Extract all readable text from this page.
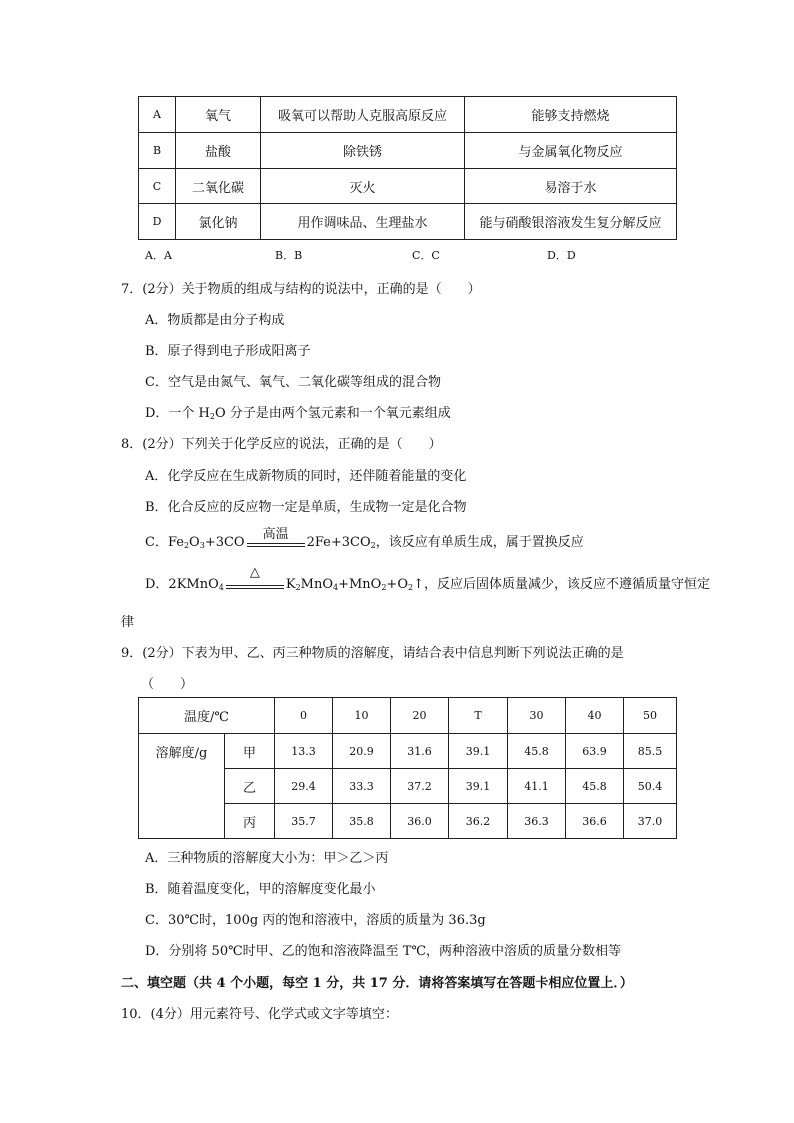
A	氧气	吸氧可以帮助人克服高原反应	能够支持燃烧
B	盐酸	除铁锈	与金属氧化物反应
C	二氧化碳	灭火	易溶于水
D	氯化钠	用作调味品、生理盐水	能与硝酸银溶液发生复分解反应
A．A	B．B	C．C	D．D
7．(2分）关于物质的组成与结构的说法中，正确的是（　　）
A．物质都是由分子构成
B．原子得到电子形成阳离子
C．空气是由氮气、氧气、二氧化碳等组成的混合物
D．一个 $H_2O$ 分子是由两个氢元素和一个氧元素组成
8．(2分）下列关于化学反应的说法，正确的是（　　）
A．化学反应在生成新物质的同时，还伴随着能量的变化
B．化合反应的反应物一定是单质，生成物一定是化合物
C．$Fe_2O_3+3CO$
高温
$2Fe+3CO_2$，该反应有单质生成，属于置换反应
D．2KMnO$_4$
△
$K_2MnO_4+MnO_2+O_2↑$，反应后固体质量减少，该反应不遵循质量守恒定
律
9．(2分）下表为甲、乙、丙三种物质的溶解度，请结合表中信息判断下列说法正确的是
（　　）
温度/℃		0	10	20	T	30	40	50
溶解度/g	甲	13.3	20.9	31.6	39.1	45.8	63.9	85.5
	乙	29.4	33.3	37.2	39.1	41.1	45.8	50.4
	丙	35.7	35.8	36.0	36.2	36.3	36.6	37.0
A．三种物质的溶解度大小为：甲＞乙＞丙
B．随着温度变化，甲的溶解度变化最小
C．30℃时，100g 丙的饱和溶液中，溶质的质量为 36.3g
D．分别将 50℃时甲、乙的饱和溶液降温至 T℃，两种溶液中溶质的质量分数相等
二、填空题（共 4 个小题，每空 1 分，共 17 分．请将答案填写在答题卡相应位置上．）
10．(4分）用元素符号、化学式或文字等填空：
